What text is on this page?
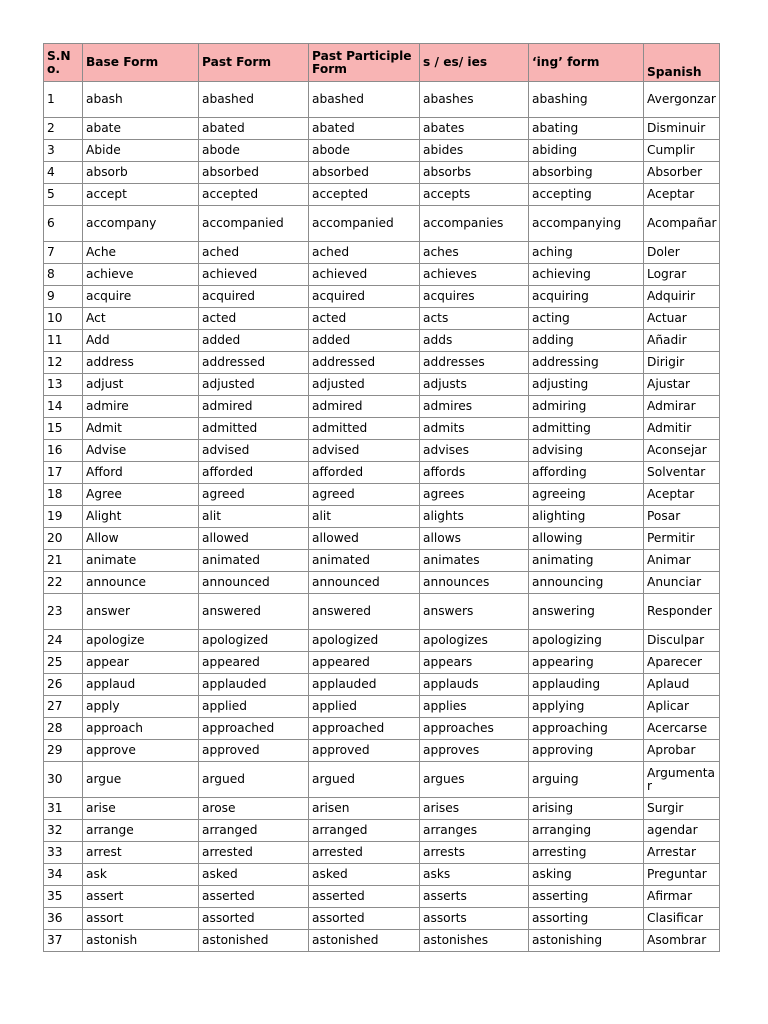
S.No.	Base Form	Past Form	Past Participle Form	s / es/ ies	‘ing’ form	Spanish
1	abash	abashed	abashed	abashes	abashing	Avergonzar
2	abate	abated	abated	abates	abating	Disminuir
3	Abide	abode	abode	abides	abiding	Cumplir
4	absorb	absorbed	absorbed	absorbs	absorbing	Absorber
5	accept	accepted	accepted	accepts	accepting	Aceptar
6	accompany	accompanied	accompanied	accompanies	accompanying	Acompañar
7	Ache	ached	ached	aches	aching	Doler
8	achieve	achieved	achieved	achieves	achieving	Lograr
9	acquire	acquired	acquired	acquires	acquiring	Adquirir
10	Act	acted	acted	acts	acting	Actuar
11	Add	added	added	adds	adding	Añadir
12	address	addressed	addressed	addresses	addressing	Dirigir
13	adjust	adjusted	adjusted	adjusts	adjusting	Ajustar
14	admire	admired	admired	admires	admiring	Admirar
15	Admit	admitted	admitted	admits	admitting	Admitir
16	Advise	advised	advised	advises	advising	Aconsejar
17	Afford	afforded	afforded	affords	affording	Solventar
18	Agree	agreed	agreed	agrees	agreeing	Aceptar
19	Alight	alit	alit	alights	alighting	Posar
20	Allow	allowed	allowed	allows	allowing	Permitir
21	animate	animated	animated	animates	animating	Animar
22	announce	announced	announced	announces	announcing	Anunciar
23	answer	answered	answered	answers	answering	Responder
24	apologize	apologized	apologized	apologizes	apologizing	Disculpar
25	appear	appeared	appeared	appears	appearing	Aparecer
26	applaud	applauded	applauded	applauds	applauding	Aplaud
27	apply	applied	applied	applies	applying	Aplicar
28	approach	approached	approached	approaches	approaching	Acercarse
29	approve	approved	approved	approves	approving	Aprobar
30	argue	argued	argued	argues	arguing	Argumentar
31	arise	arose	arisen	arises	arising	Surgir
32	arrange	arranged	arranged	arranges	arranging	agendar
33	arrest	arrested	arrested	arrests	arresting	Arrestar
34	ask	asked	asked	asks	asking	Preguntar
35	assert	asserted	asserted	asserts	asserting	Afirmar
36	assort	assorted	assorted	assorts	assorting	Clasificar
37	astonish	astonished	astonished	astonishes	astonishing	Asombrar
